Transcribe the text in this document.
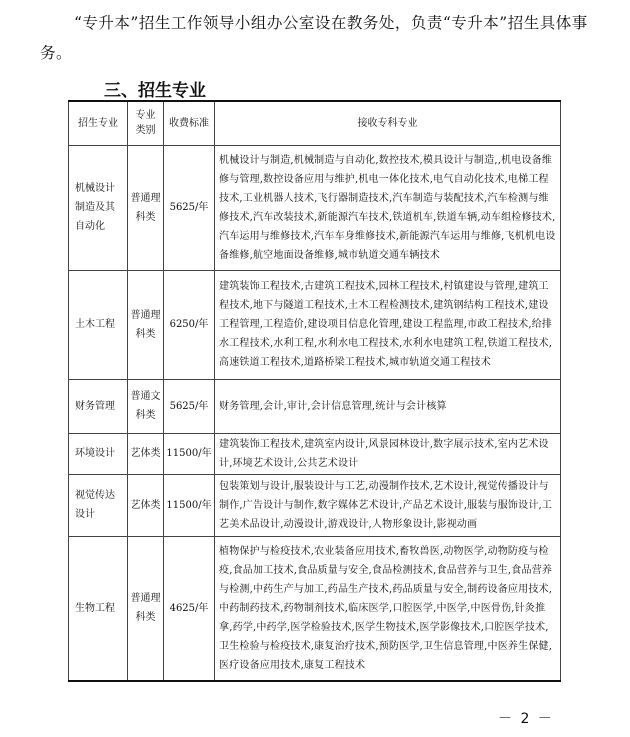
“专升本”招生工作领导小组办公室设在教务处，负责“专升本”招生具体事务。

三、招生专业
招生专业	专业类别	收费标准	接收专科专业
机械设计制造及其自动化	普通理科类	5625/年	机械设计与制造,机械制造与自动化,数控技术,模具设计与制造,,机电设备维修与管理,数控设备应用与维护,机电一体化技术,电气自动化技术,电梯工程技术,工业机器人技术,飞行器制造技术,汽车制造与装配技术,汽车检测与维修技术,汽车改装技术,新能源汽车技术,铁道机车,铁道车辆,动车组检修技术,汽车运用与维修技术,汽车车身维修技术,新能源汽车运用与维修,飞机机电设备维修,航空地面设备维修,城市轨道交通车辆技术
土木工程	普通理科类	6250/年	建筑装饰工程技术,古建筑工程技术,园林工程技术,村镇建设与管理,建筑工程技术,地下与隧道工程技术,土木工程检测技术,建筑钢结构工程技术,建设工程管理,工程造价,建设项目信息化管理,建设工程监理,市政工程技术,给排水工程技术,水利工程,水利水电工程技术,水利水电建筑工程,铁道工程技术,高速铁道工程技术,道路桥梁工程技术,城市轨道交通工程技术
财务管理	普通文科类	5625/年	财务管理,会计,审计,会计信息管理,统计与会计核算
环境设计	艺体类	11500/年	建筑装饰工程技术,建筑室内设计,风景园林设计,数字展示技术,室内艺术设计,环境艺术设计,公共艺术设计
视觉传达设计	艺体类	11500/年	包装策划与设计,服装设计与工艺,动漫制作技术,艺术设计,视觉传播设计与制作,广告设计与制作,数字媒体艺术设计,产品艺术设计,服装与服饰设计,工艺美术品设计,动漫设计,游戏设计,人物形象设计,影视动画
生物工程	普通理科类	4625/年	植物保护与检疫技术,农业装备应用技术,畜牧兽医,动物医学,动物防疫与检疫,食品加工技术,食品质量与安全,食品检测技术,食品营养与卫生,食品营养与检测,中药生产与加工,药品生产技术,药品质量与安全,制药设备应用技术,中药制药技术,药物制剂技术,临床医学,口腔医学,中医学,中医骨伤,针灸推拿,药学,中药学,医学检验技术,医学生物技术,医学影像技术,口腔医学技术,卫生检验与检疫技术,康复治疗技术,预防医学,卫生信息管理,中医养生保健,医疗设备应用技术,康复工程技术
－ 2 －
